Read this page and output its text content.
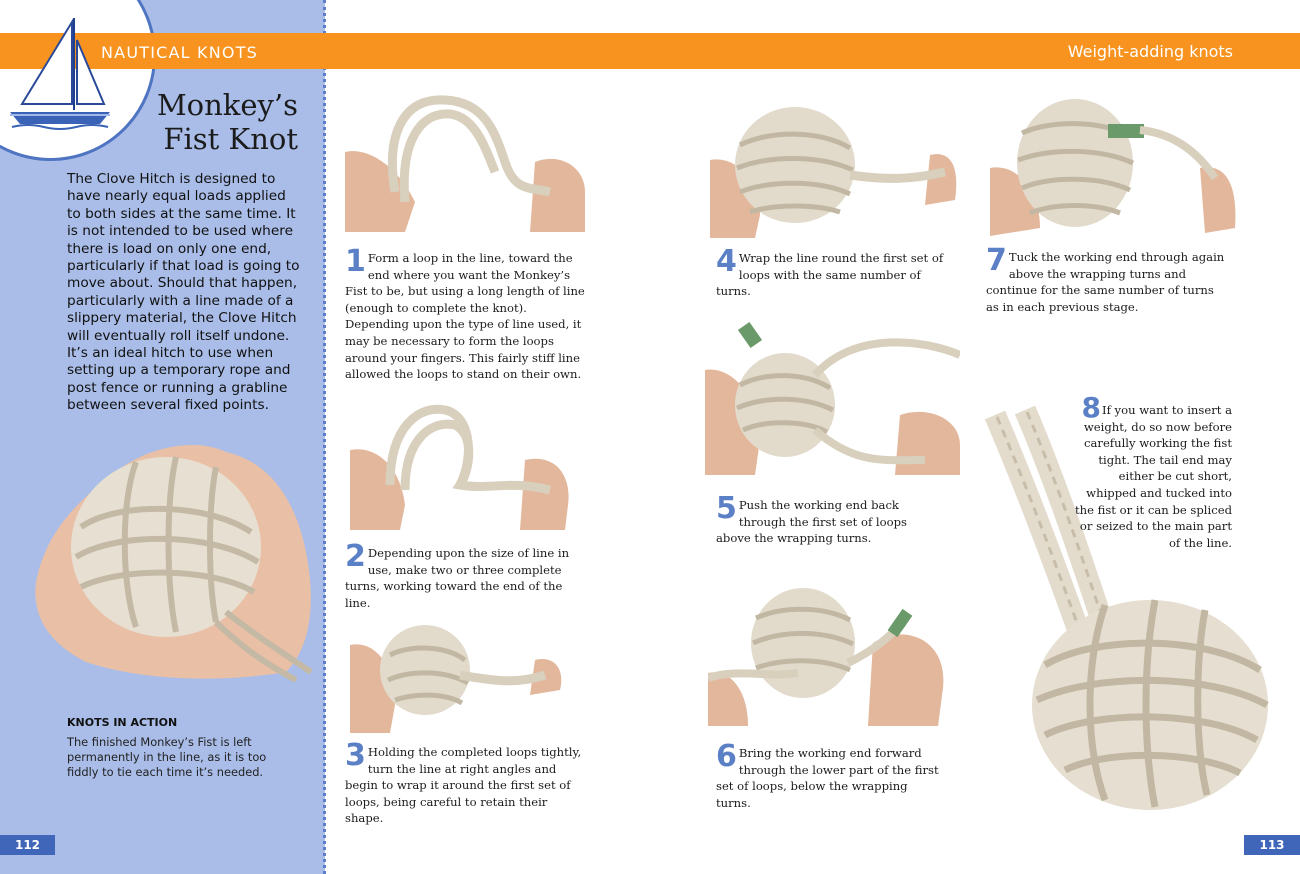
NAUTICAL KNOTS	Weight-adding knots
Monkey’s
Fist Knot
The Clove Hitch is designed to have nearly equal loads applied to both sides at the same time. It is not intended to be used where there is load on only one end, particularly if that load is going to move about. Should that happen, particularly with a line made of a slippery material, the Clove Hitch will eventually roll itself undone. It’s an ideal hitch to use when setting up a temporary rope and post fence or running a grabline between several fixed points.
KNOTS IN ACTION
The finished Monkey’s Fist is left permanently in the line, as it is too fiddly to tie each time it’s needed.
112	113
1 Form a loop in the line, toward the end where you want the Monkey’s Fist to be, but using a long length of line (enough to complete the knot). Depending upon the type of line used, it may be necessary to form the loops around your fingers. This fairly stiff line allowed the loops to stand on their own.
2 Depending upon the size of line in use, make two or three complete turns, working toward the end of the line.
3 Holding the completed loops tightly, turn the line at right angles and begin to wrap it around the first set of loops, being careful to retain their shape.
4 Wrap the line round the first set of loops with the same number of turns.
5 Push the working end back through the first set of loops above the wrapping turns.
6 Bring the working end forward through the lower part of the first set of loops, below the wrapping turns.
7 Tuck the working end through again above the wrapping turns and continue for the same number of turns as in each previous stage.
8If you want to insert a weight, do so now before carefully working the fist tight. The tail end may either be cut short, whipped and tucked into the fist or it can be spliced or seized to the main part of the line.
